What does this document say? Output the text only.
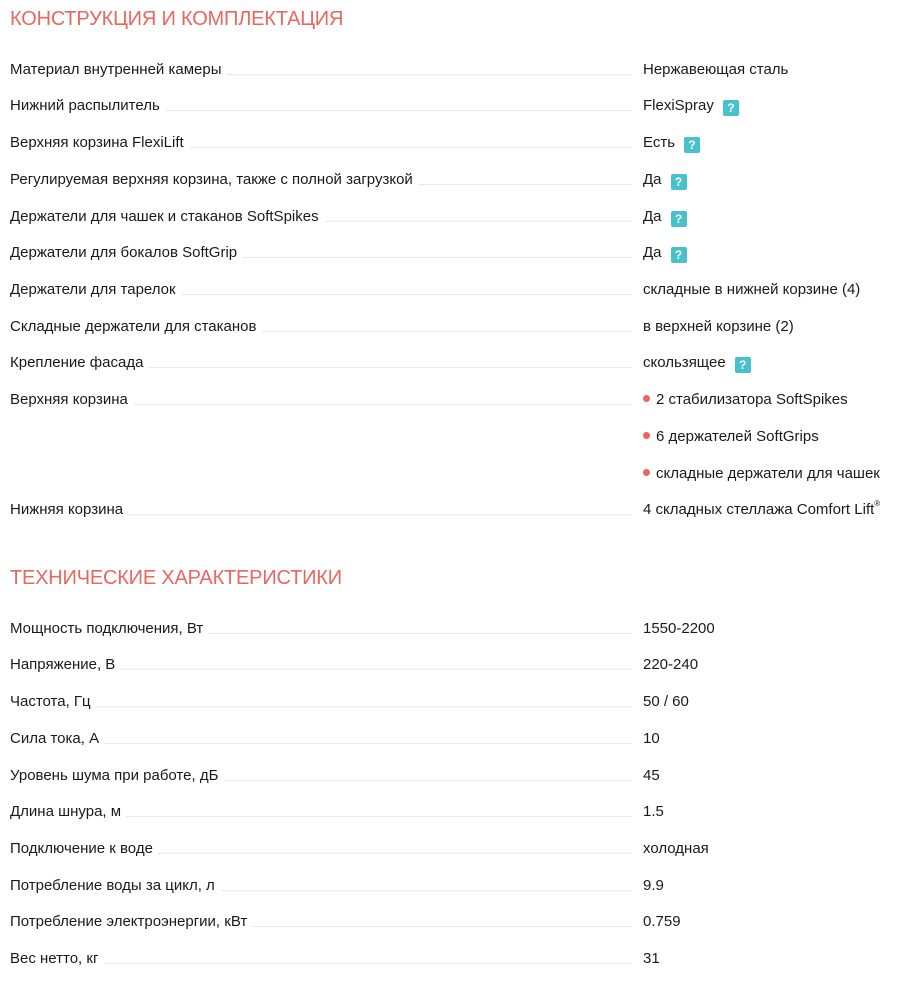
КОНСТРУКЦИЯ И КОМПЛЕКТАЦИЯ
Материал внутренней камеры	Нержавеющая сталь
Нижний распылитель	FlexiSpray ?
Верхняя корзина FlexiLift	Есть ?
Регулируемая верхняя корзина, также с полной загрузкой	Да ?
Держатели для чашек и стаканов SoftSpikes	Да ?
Держатели для бокалов SoftGrip	Да ?
Держатели для тарелок	складные в нижней корзине (4)
Складные держатели для стаканов	в верхней корзине (2)
Крепление фасада	скользящее ?
Верхняя корзина	2 стабилизатора SoftSpikes
6 держателей SoftGrips
складные держатели для чашек
Нижняя корзина	4 складных стеллажа Comfort Lift®
ТЕХНИЧЕСКИЕ ХАРАКТЕРИСТИКИ
Мощность подключения, Вт	1550-2200
Напряжение, В	220-240
Частота, Гц	50 / 60
Сила тока, А	10
Уровень шума при работе, дБ	45
Длина шнура, м	1.5
Подключение к воде	холодная
Потребление воды за цикл, л	9.9
Потребление электроэнергии, кВт	0.759
Вес нетто, кг	31
